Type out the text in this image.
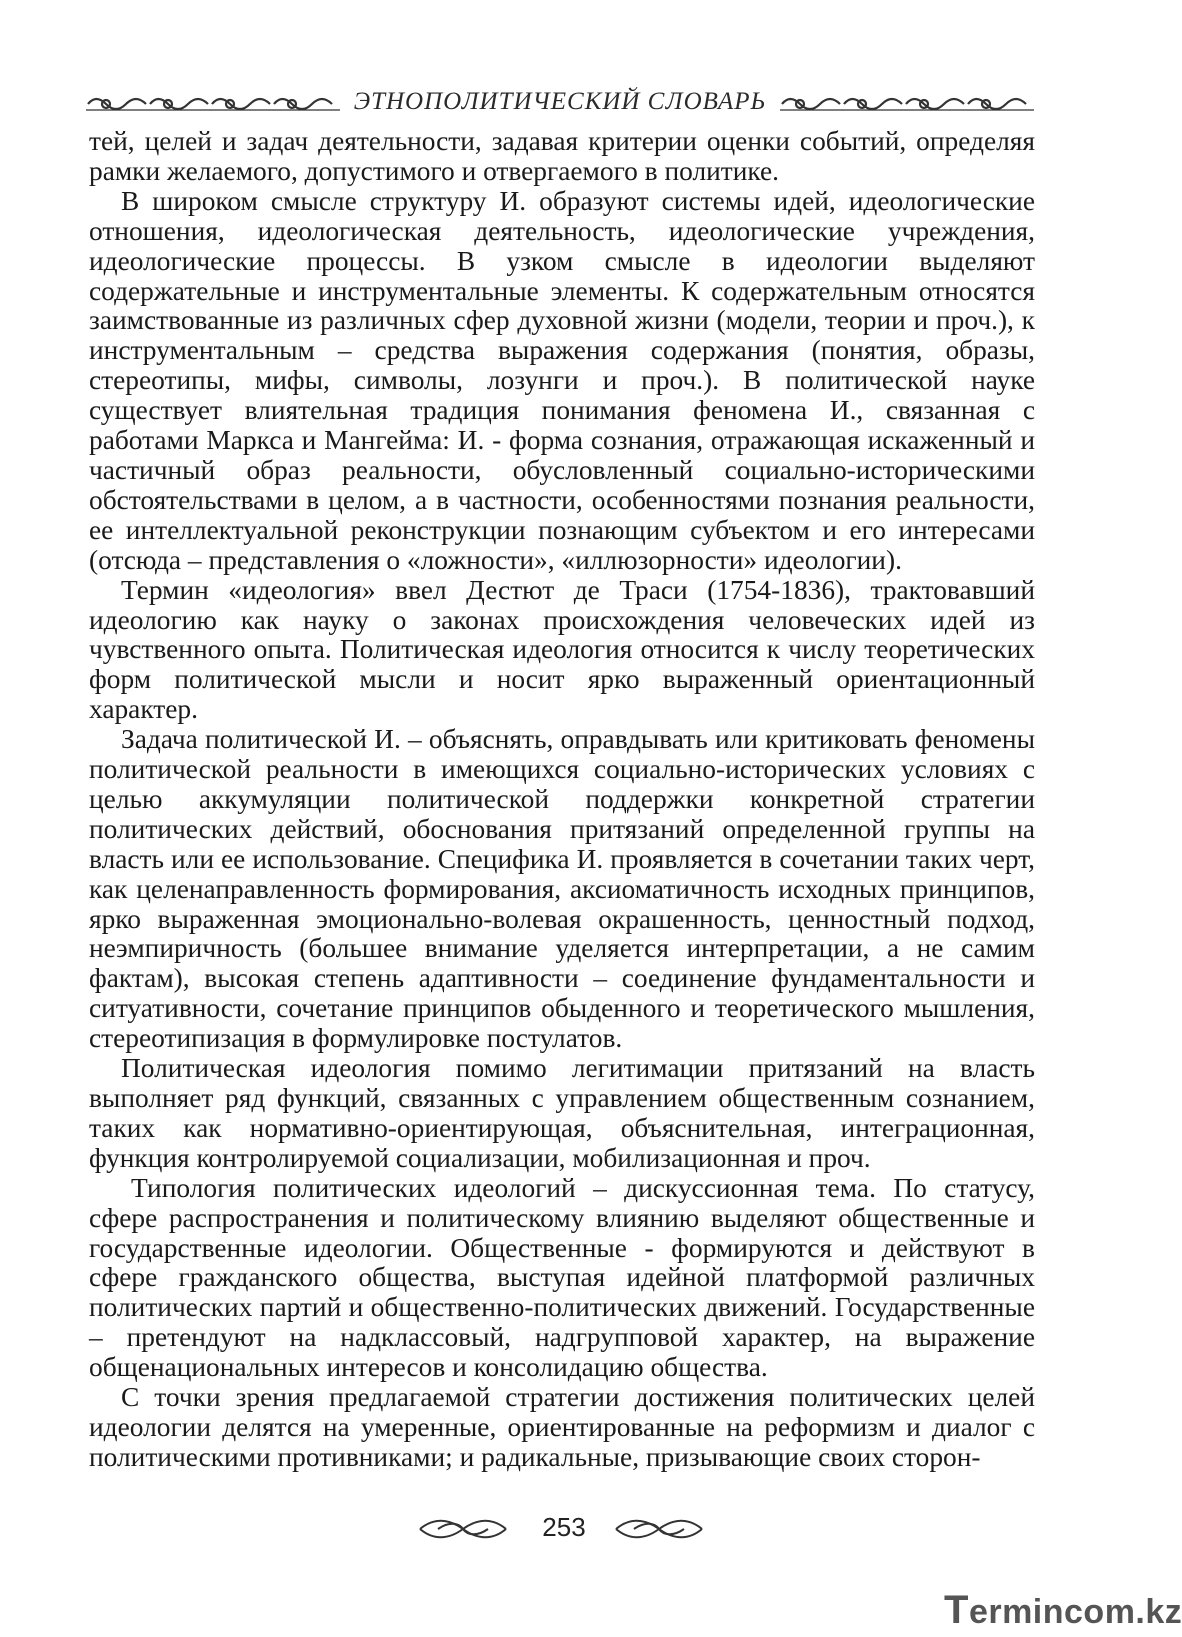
ЭТНОПОЛИТИЧЕСКИЙ СЛОВАРЬ

тей, целей и задач деятельности, задавая критерии оценки событий, определяя рамки желаемого, допустимого и отвергаемого в политике.

В широком смысле структуру И. образуют системы идей, идеологические отношения, идеологическая деятельность, идеологические учреждения, идеологические процессы. В узком смысле в идеологии выделяют содержательные и инструментальные элементы. К содержательным относятся заимствованные из различных сфер духовной жизни (модели, теории и проч.), к инструментальным – средства выражения содержания (понятия, образы, стереотипы, мифы, символы, лозунги и проч.). В политической науке существует влиятельная традиция понимания феномена И., связанная с работами Маркса и Мангейма: И. - форма сознания, отражающая искаженный и частичный образ реальности, обусловленный социально-историческими обстоятельствами в целом, а в частности, особенностями познания реальности, ее интеллектуальной реконструкции познающим субъектом и его интересами (отсюда – представления о «ложности», «иллюзорности» идеологии).

Термин «идеология» ввел Дестют де Траси (1754-1836), трактовавший идеологию как науку о законах происхождения человеческих идей из чувственного опыта. Политическая идеология относится к числу теоретических форм политической мысли и носит ярко выраженный ориентационный характер.

Задача политической И. – объяснять, оправдывать или критиковать феномены политической реальности в имеющихся социально-исторических условиях с целью аккумуляции политической поддержки конкретной стратегии политических действий, обоснования притязаний определенной группы на власть или ее использование. Специфика И. проявляется в сочетании таких черт, как целенаправленность формирования, аксиоматичность исходных принципов, ярко выраженная эмоционально-волевая окрашенность, ценностный подход, неэмпиричность (большее внимание уделяется интерпретации, а не самим фактам), высокая степень адаптивности – соединение фундаментальности и ситуативности, сочетание принципов обыденного и теоретического мышления, стереотипизация в формулировке постулатов.

Политическая идеология помимо легитимации притязаний на власть выполняет ряд функций, связанных с управлением общественным сознанием, таких как нормативно-ориентирующая, объяснительная, интеграционная, функция контролируемой социализации, мобилизационная и проч.

Типология политических идеологий – дискуссионная тема. По статусу, сфере распространения и политическому влиянию выделяют общественные и государственные идеологии. Общественные - формируются и действуют в сфере гражданского общества, выступая идейной платформой различных политических партий и общественно-политических движений. Государственные – претендуют на надклассовый, надгрупповой характер, на выражение общенациональных интересов и консолидацию общества.

С точки зрения предлагаемой стратегии достижения политических целей идеологии делятся на умеренные, ориентированные на реформизм и диалог с политическими противниками; и радикальные, призывающие своих сторон-

253
Termincom.kz
